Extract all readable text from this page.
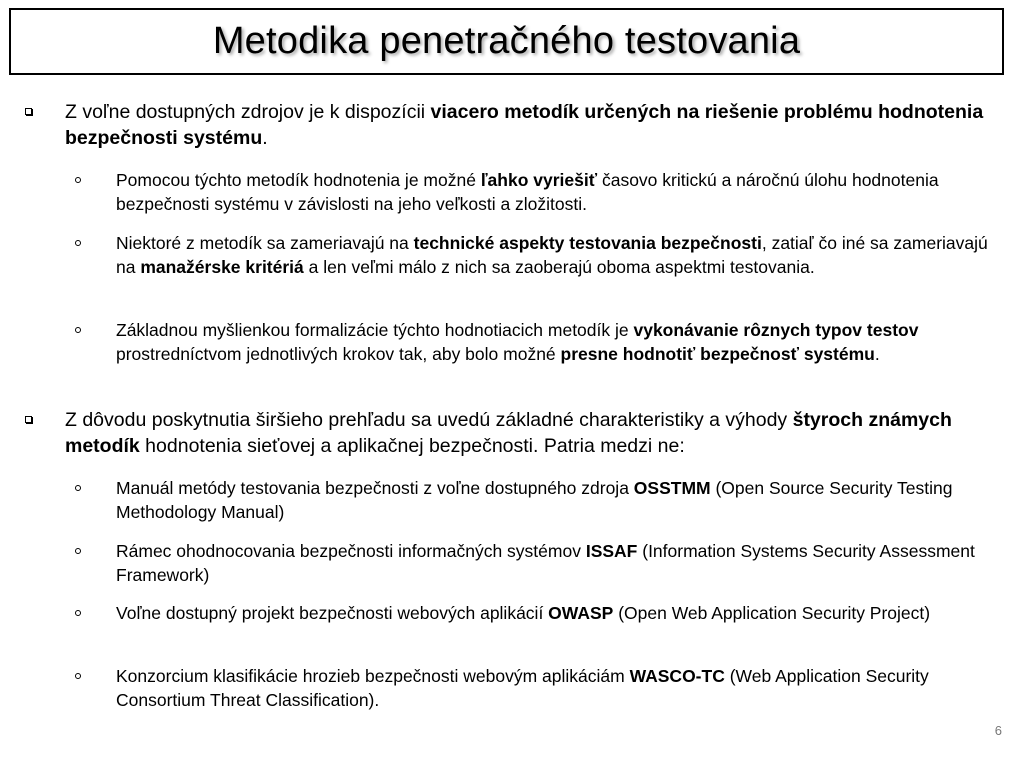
Metodika penetračného testovania
Z voľne dostupných zdrojov je k dispozícii viacero metodík určených na riešenie problému hodnotenia bezpečnosti systému.
Pomocou týchto metodík hodnotenia je možné ľahko vyriešiť časovo kritickú a náročnú úlohu hodnotenia bezpečnosti systému v závislosti na jeho veľkosti a zložitosti.
Niektoré z metodík sa zameriavajú na technické aspekty testovania bezpečnosti, zatiaľ čo iné sa zameriavajú na manažérske kritériá a len veľmi málo z nich sa zaoberajú oboma aspektmi testovania.
Základnou myšlienkou formalizácie týchto hodnotiacich metodík je vykonávanie rôznych typov testov prostredníctvom jednotlivých krokov tak, aby bolo možné presne hodnotiť bezpečnosť systému.
Z dôvodu poskytnutia širšieho prehľadu sa uvedú základné charakteristiky a výhody štyroch známych metodík hodnotenia sieťovej a aplikačnej bezpečnosti. Patria medzi ne:
Manuál metódy testovania bezpečnosti z voľne dostupného zdroja OSSTMM (Open Source Security Testing Methodology Manual)
Rámec ohodnocovania bezpečnosti informačných systémov ISSAF (Information Systems Security Assessment Framework)
Voľne dostupný projekt bezpečnosti webových aplikácií OWASP (Open Web Application Security Project)
Konzorcium klasifikácie hrozieb bezpečnosti webovým aplikáciám WASCO-TC (Web Application Security Consortium Threat Classification).
6
